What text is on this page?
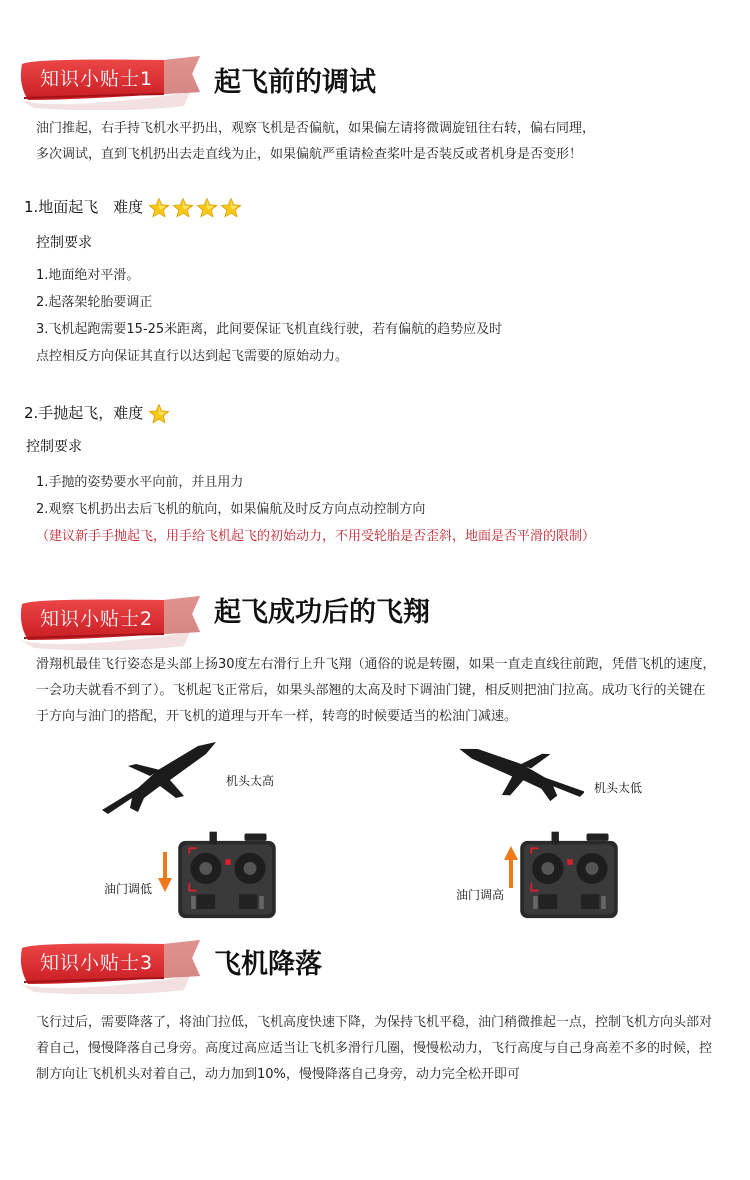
知识小贴士1 起飞前的调试
油门推起，右手持飞机水平扔出，观察飞机是否偏航，如果偏左请将微调旋钮往右转，偏右同理，
多次调试，直到飞机扔出去走直线为止，如果偏航严重请检查桨叶是否装反或者机身是否变形！
1.地面起飞 难度
控制要求
1.地面绝对平滑。
2.起落架轮胎要调正
3.飞机起跑需要15-25米距离，此间要保证飞机直线行驶，若有偏航的趋势应及时
点控相反方向保证其直行以达到起飞需要的原始动力。
2.手抛起飞，难度
控制要求
1.手抛的姿势要水平向前，并且用力
2.观察飞机扔出去后飞机的航向，如果偏航及时反方向点动控制方向
（建议新手手抛起飞，用手给飞机起飞的初始动力，不用受轮胎是否歪斜，地面是否平滑的限制）
知识小贴士2 起飞成功后的飞翔
滑翔机最佳飞行姿态是头部上扬30度左右滑行上升飞翔（通俗的说是转圈，如果一直走直线往前跑，凭借飞机的速度，
一会功夫就看不到了）。飞机起飞正常后，如果头部翘的太高及时下调油门键，相反则把油门拉高。成功飞行的关键在
于方向与油门的搭配，开飞机的道理与开车一样，转弯的时候要适当的松油门减速。
机头太高	机头太低
油门调低	油门调高
知识小贴士3 飞机降落
飞行过后，需要降落了，将油门拉低，飞机高度快速下降，为保持飞机平稳，油门稍微推起一点，控制飞机方向头部对
着自己，慢慢降落自己身旁。高度过高应适当让飞机多滑行几圈，慢慢松动力，飞行高度与自己身高差不多的时候，控
制方向让飞机机头对着自己，动力加到10%，慢慢降落自己身旁，动力完全松开即可
